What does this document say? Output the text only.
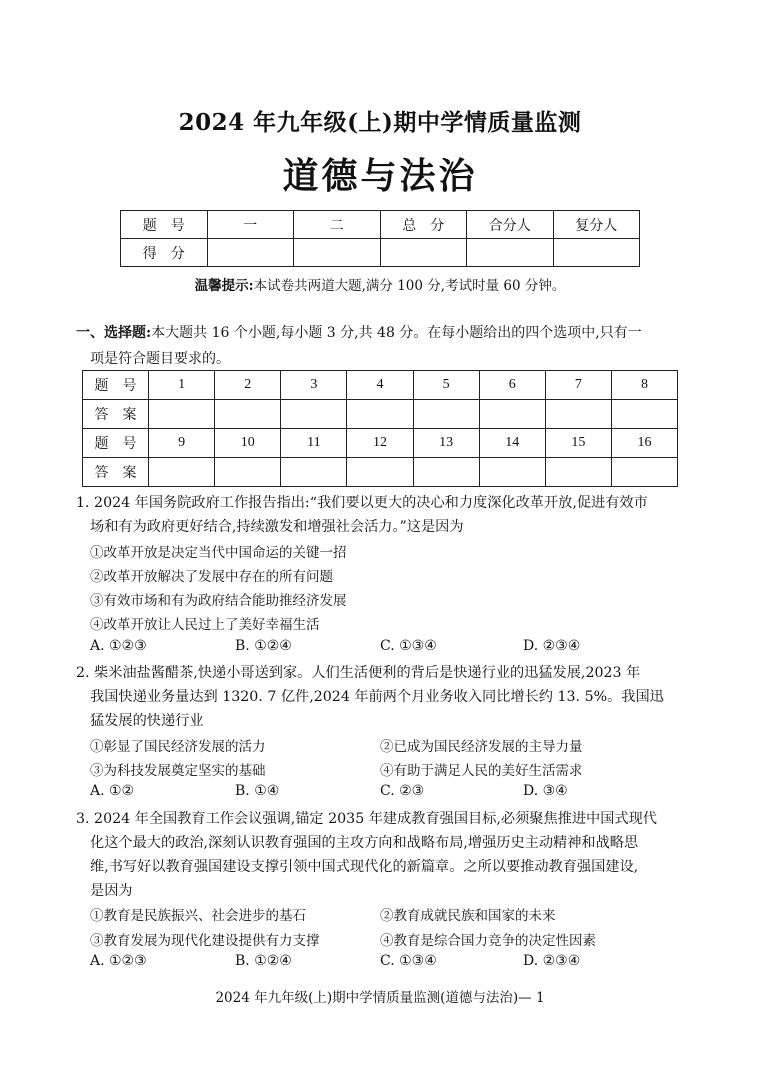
2024 年九年级(上)期中学情质量监测
道德与法治
题　号	一	二	总　分	合分人	复分人
得　分					
温馨提示:本试卷共两道大题,满分 100 分,考试时量 60 分钟。
一、选择题:本大题共 16 个小题,每小题 3 分,共 48 分。在每小题给出的四个选项中,只有一
项是符合题目要求的。
题　号	1	2	3	4	5	6	7	8
答　案								
题　号	9	10	11	12	13	14	15	16
答　案								
1. 2024 年国务院政府工作报告指出:“我们要以更大的决心和力度深化改革开放,促进有效市
场和有为政府更好结合,持续激发和增强社会活力。”这是因为
①改革开放是决定当代中国命运的关键一招
②改革开放解决了发展中存在的所有问题
③有效市场和有为政府结合能助推经济发展
④改革开放让人民过上了美好幸福生活
A. ①②③	B. ①②④	C. ①③④	D. ②③④
2. 柴米油盐酱醋茶,快递小哥送到家。人们生活便利的背后是快递行业的迅猛发展,2023 年
我国快递业务量达到 1320. 7 亿件,2024 年前两个月业务收入同比增长约 13. 5%。我国迅
猛发展的快递行业
①彰显了国民经济发展的活力	②已成为国民经济发展的主导力量
③为科技发展奠定坚实的基础	④有助于满足人民的美好生活需求
A. ①②	B. ①④	C. ②③	D. ③④
3. 2024 年全国教育工作会议强调,锚定 2035 年建成教育强国目标,必须聚焦推进中国式现代
化这个最大的政治,深刻认识教育强国的主攻方向和战略布局,增强历史主动精神和战略思
维,书写好以教育强国建设支撑引领中国式现代化的新篇章。之所以要推动教育强国建设,
是因为
①教育是民族振兴、社会进步的基石	②教育成就民族和国家的未来
③教育发展为现代化建设提供有力支撑	④教育是综合国力竞争的决定性因素
A. ①②③	B. ①②④	C. ①③④	D. ②③④
2024 年九年级(上)期中学情质量监测(道德与法治)— 1
